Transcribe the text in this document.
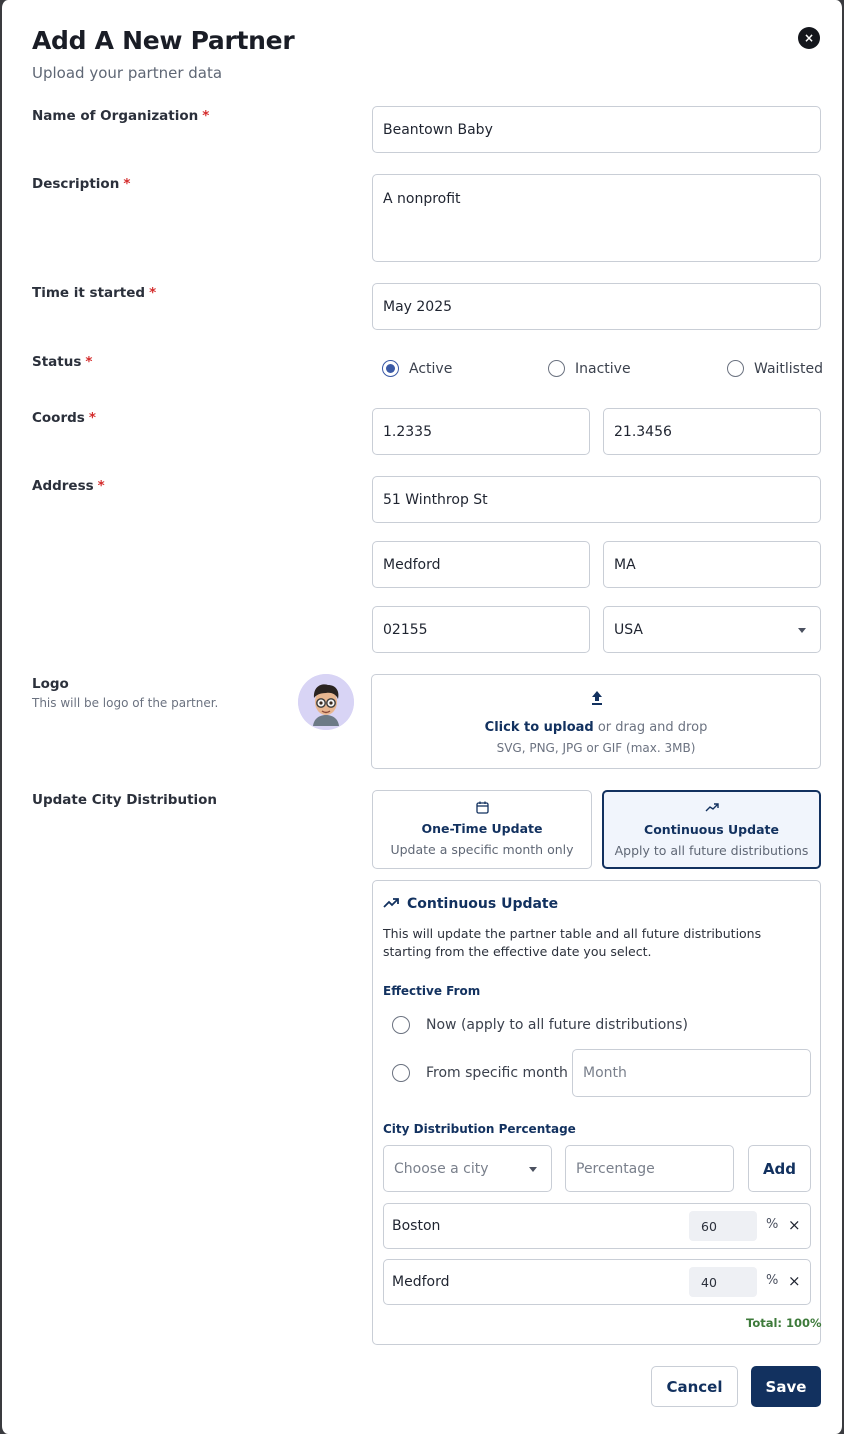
Add A New Partner
Upload your partner data
×
Name of Organization *
Beantown Baby
Description *
A nonprofit
Time it started *
May 2025
Status *	Active	Inactive	Waitlisted
Coords *
1.2335	21.3456
Address *
51 Winthrop St
Medford	MA
02155	USA
Logo
This will be logo of the partner.
Click to upload or drag and drop
SVG, PNG, JPG or GIF (max. 3MB)
Update City Distribution
One-Time Update
Update a specific month only
Continuous Update
Apply to all future distributions
Continuous Update
This will update the partner table and all future distributions starting from the effective date you select.
Effective From
Now (apply to all future distributions)
From specific month Month
City Distribution Percentage
Choose a city	Percentage	Add
Boston	60	% ×
Medford	40	% ×
Total: 100%
Cancel	Save
